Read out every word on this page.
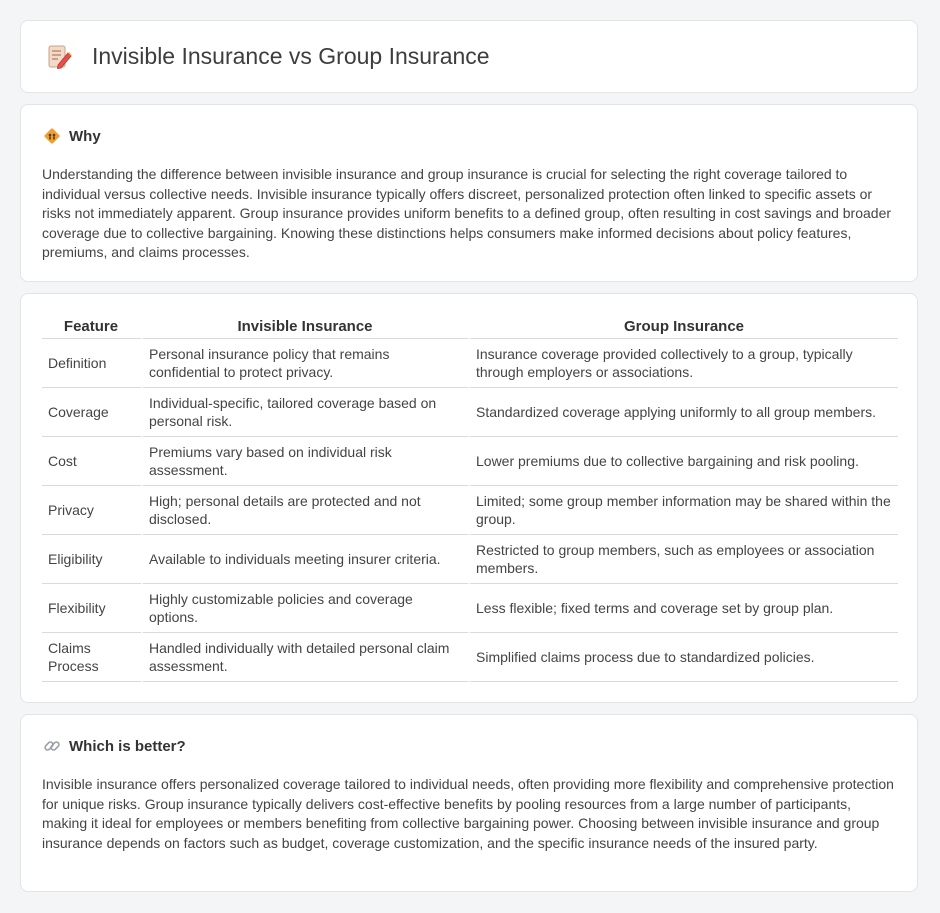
Invisible Insurance vs Group Insurance
Why

Understanding the difference between invisible insurance and group insurance is crucial for selecting the right coverage tailored to individual versus collective needs. Invisible insurance typically offers discreet, personalized protection often linked to specific assets or risks not immediately apparent. Group insurance provides uniform benefits to a defined group, often resulting in cost savings and broader coverage due to collective bargaining. Knowing these distinctions helps consumers make informed decisions about policy features, premiums, and claims processes.

Feature	Invisible Insurance	Group Insurance
Definition	Personal insurance policy that remains confidential to protect privacy.	Insurance coverage provided collectively to a group, typically through employers or associations.
Coverage	Individual-specific, tailored coverage based on personal risk.	Standardized coverage applying uniformly to all group members.
Cost	Premiums vary based on individual risk assessment.	Lower premiums due to collective bargaining and risk pooling.
Privacy	High; personal details are protected and not disclosed.	Limited; some group member information may be shared within the group.
Eligibility	Available to individuals meeting insurer criteria.	Restricted to group members, such as employees or association members.
Flexibility	Highly customizable policies and coverage options.	Less flexible; fixed terms and coverage set by group plan.
Claims Process	Handled individually with detailed personal claim assessment.	Simplified claims process due to standardized policies.
Which is better?

Invisible insurance offers personalized coverage tailored to individual needs, often providing more flexibility and comprehensive protection for unique risks. Group insurance typically delivers cost-effective benefits by pooling resources from a large number of participants, making it ideal for employees or members benefiting from collective bargaining power. Choosing between invisible insurance and group insurance depends on factors such as budget, coverage customization, and the specific insurance needs of the insured party.
